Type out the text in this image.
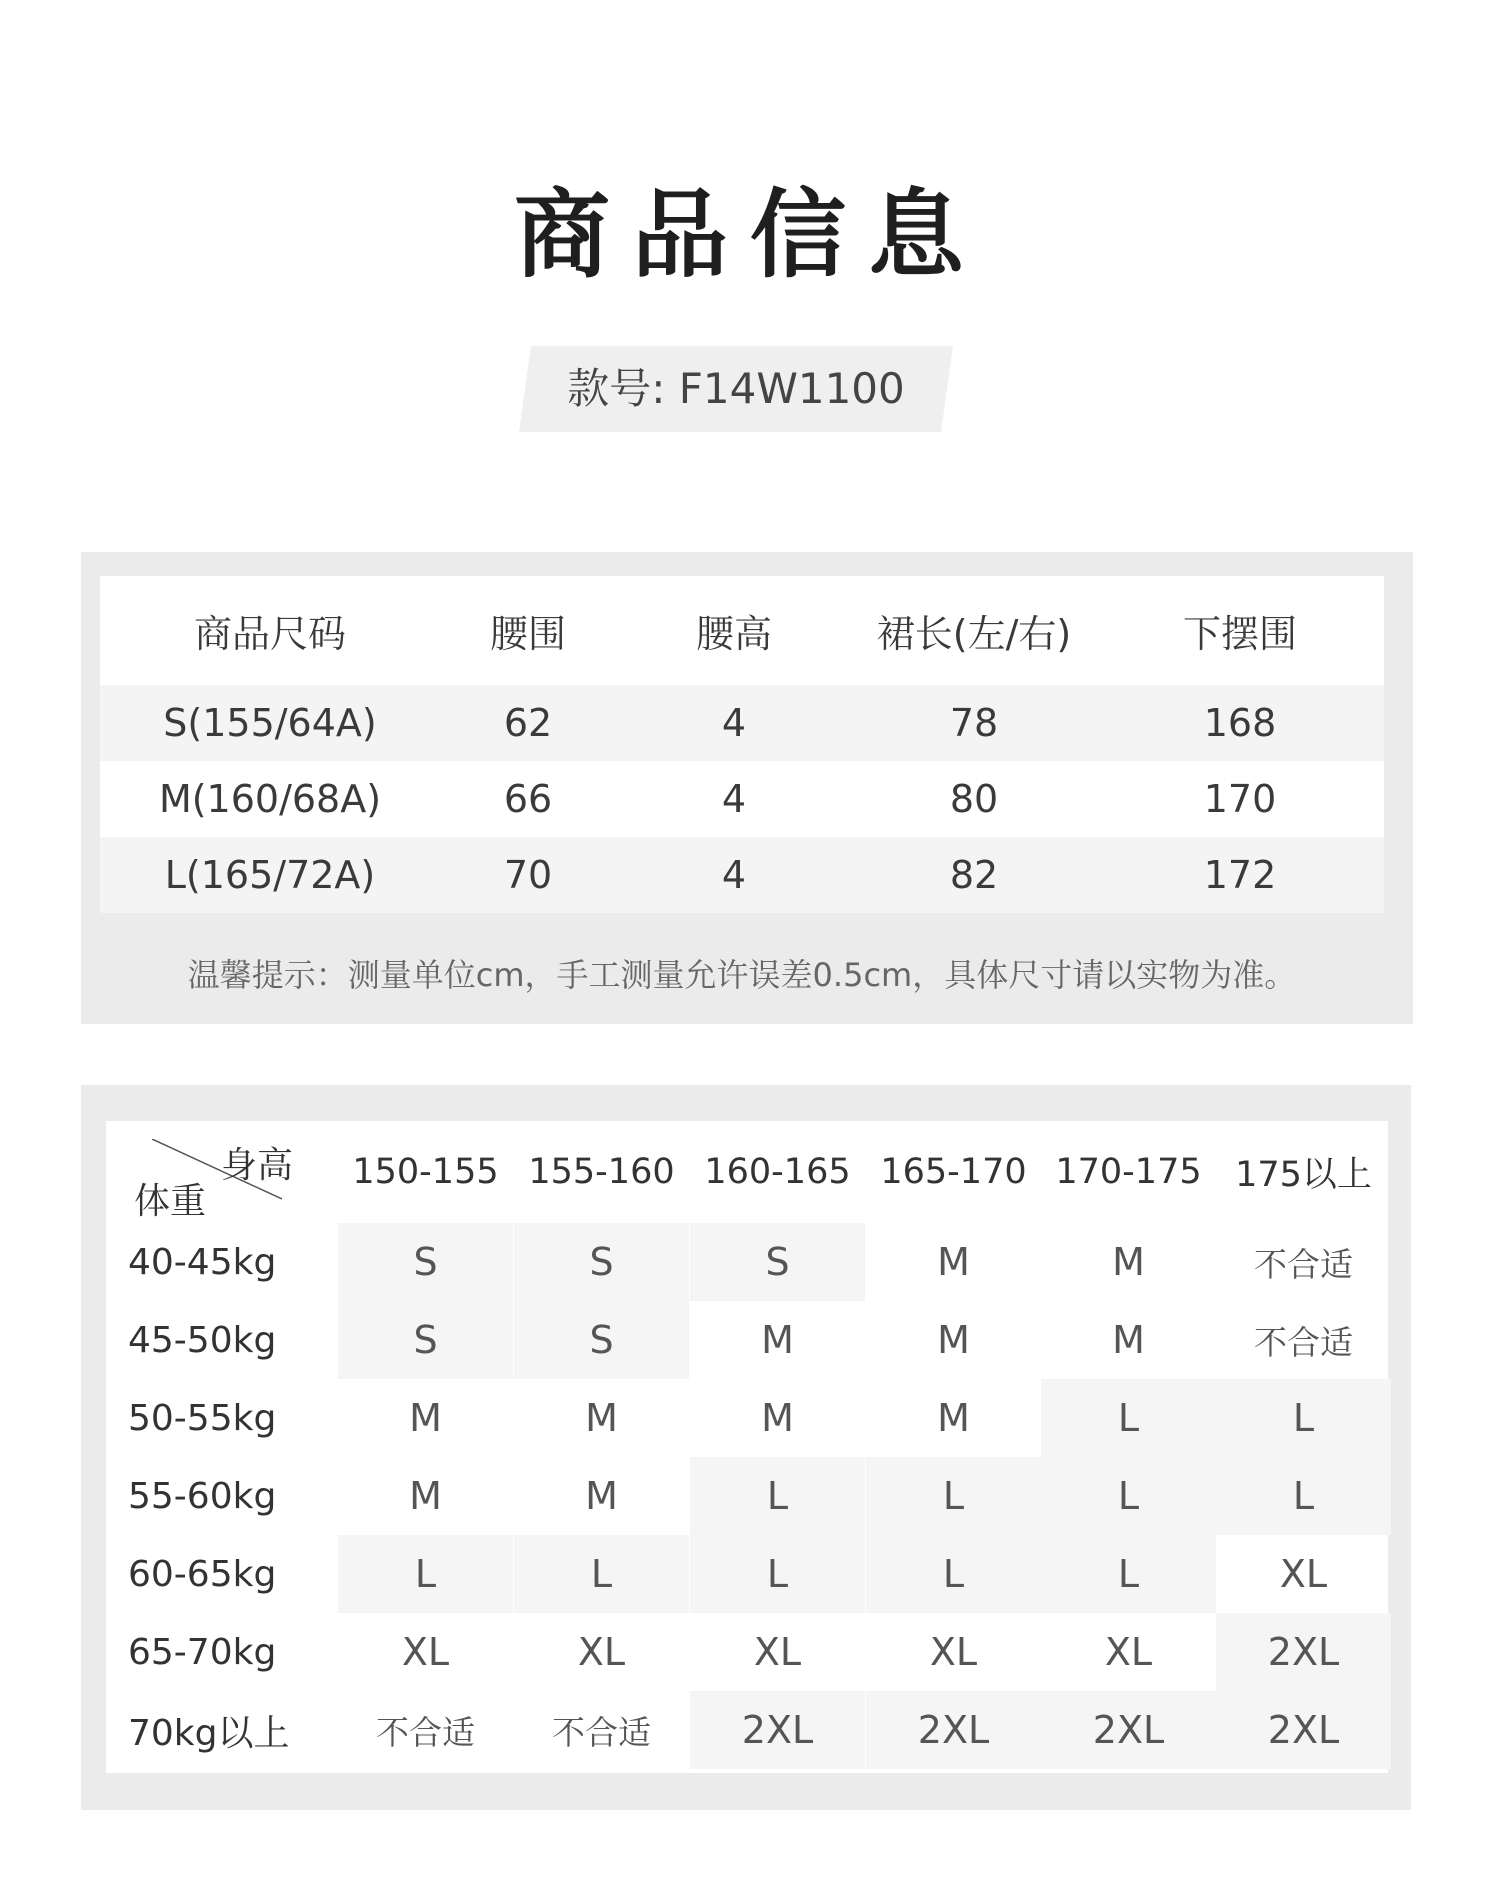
商品信息
款号: F14W1100
商品尺码	腰围	腰高	裙长(左/右)	下摆围
S(155/64A)	62	4	78	168
M(160/68A)	66	4	80	170
L(165/72A)	70	4	82	172
温馨提示：测量单位cm，手工测量允许误差0.5cm，具体尺寸请以实物为准。
身高
体重
150-155 155-160 160-165 165-170 170-175 175以上
40-45kg	S	S	S	M	M	不合适
45-50kg	S	S	M	M	M	不合适
50-55kg	M	M	M	M	L	L
55-60kg	M	M	L	L	L	L
60-65kg	L	L	L	L	L	XL
65-70kg	XL	XL	XL	XL	XL	2XL
70kg以上	不合适	不合适	2XL	2XL	2XL	2XL
